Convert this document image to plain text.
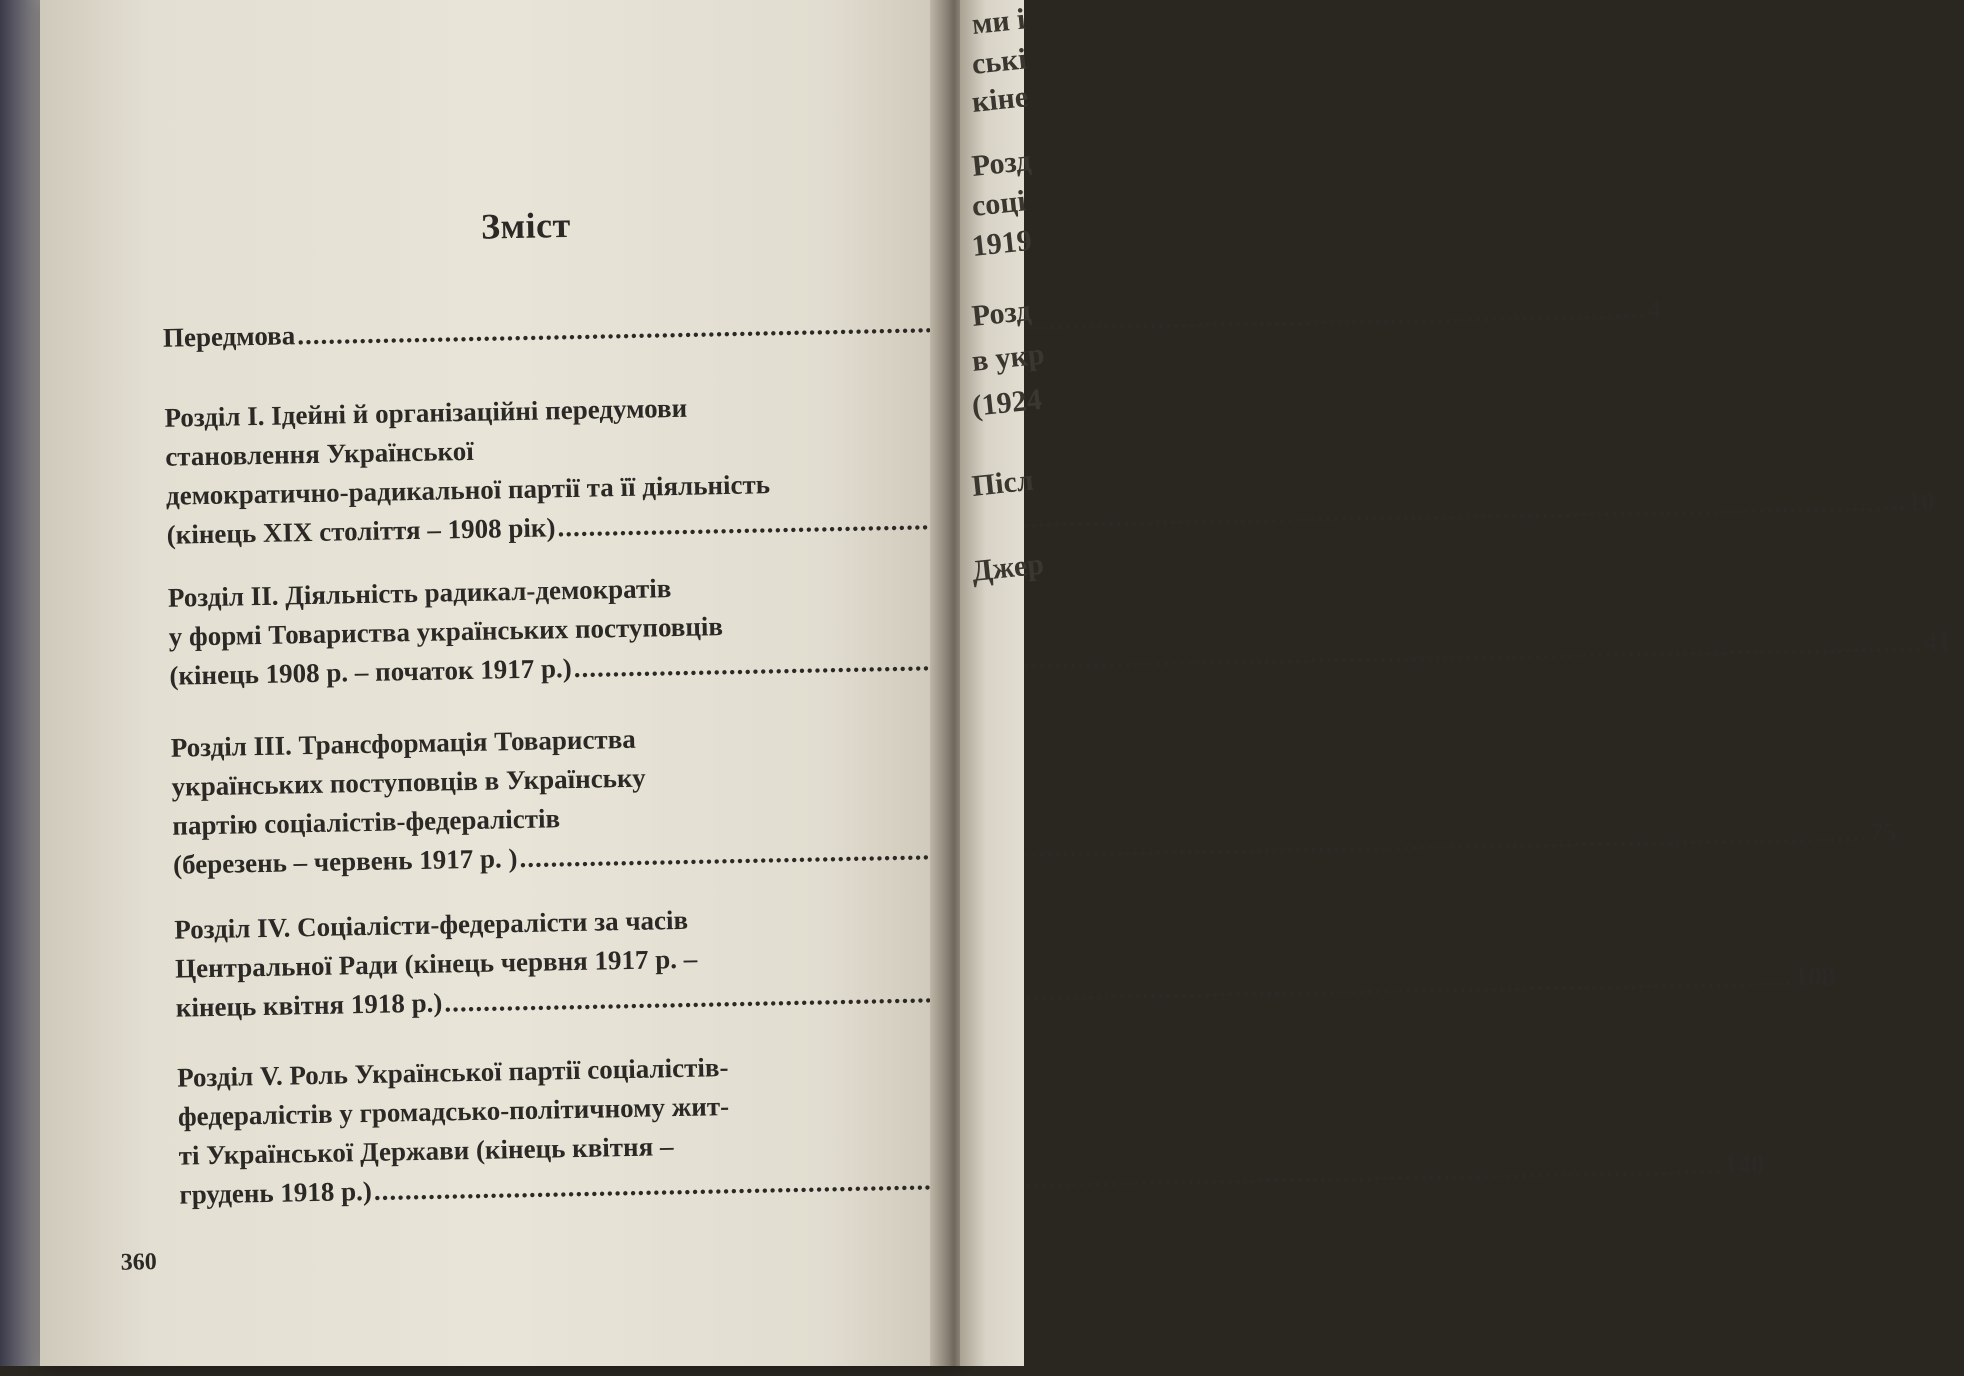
Зміст
Передмова
.....
4
Розділ І. Ідейні й організаційні передумови
становлення Української
демократично-радикальної партії та її діяльність
(кінець XIX століття – 1908 рік)
.....
10
Розділ ІІ. Діяльність радикал-демократів
у формі Товариства українських поступовців
(кінець 1908 р. – початок 1917 р.)
.....
41
Розділ ІІІ. Трансформація Товариства
українських поступовців в Українську
партію соціалістів-федералістів
(березень – червень 1917 р. )
.....
75
Розділ IV. Соціалісти-федералісти за часів
Центральної Ради (кінець червня 1917 р. –
кінець квітня 1918 р.)
.....
108
Розділ V. Роль Української партії соціалістів-
федералістів у громадсько-політичному жит-
ті Української Держави (кінець квітня –
грудень 1918 р.)
.....
140
360
ми і
ські
кіне
Розд
соці
1919
Розд
в укр
(1924
Післ
Джер
